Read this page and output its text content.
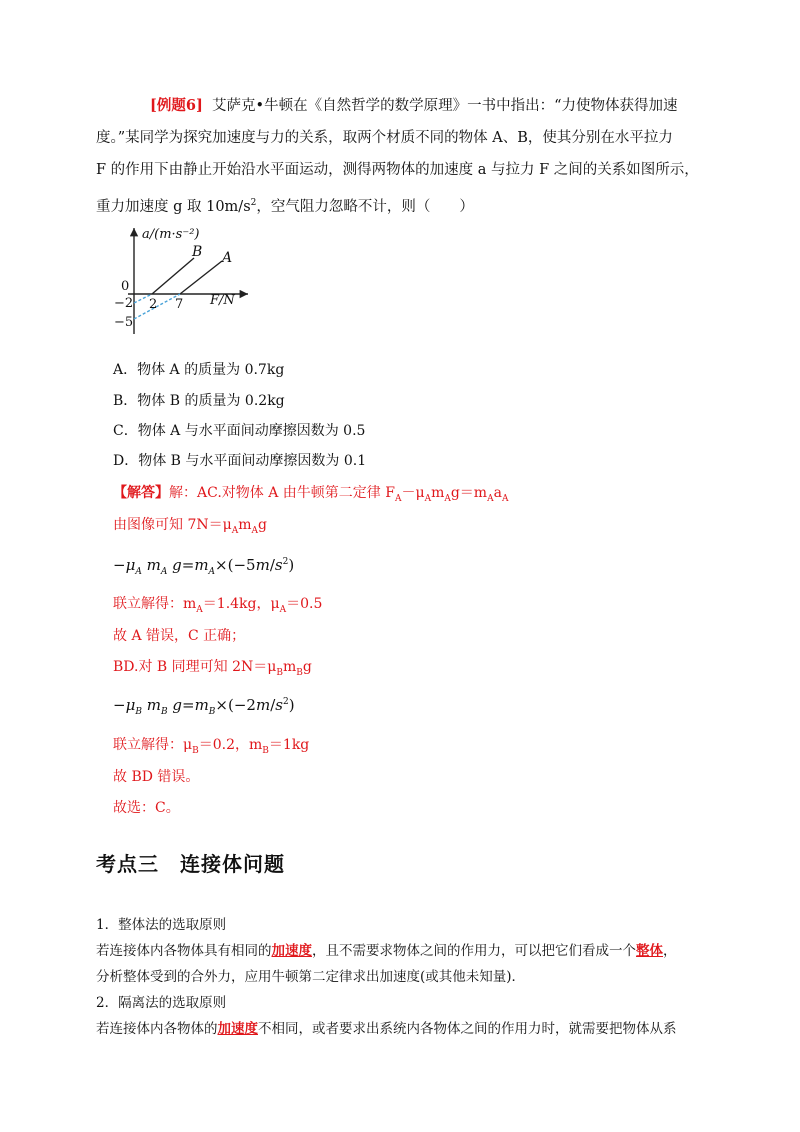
[例题6] 艾萨克•牛顿在《自然哲学的数学原理》一书中指出：“力使物体获得加速
度。”某同学为探究加速度与力的关系，取两个材质不同的物体 A、B，使其分别在水平拉力
F 的作用下由静止开始沿水平面运动，测得两物体的加速度 a 与拉力 F 之间的关系如图所示，
重力加速度 g 取 $10m/s^2$，空气阻力忽略不计，则（　　）
a/(m·s⁻²)
F/N
B A
0
−2
−5
2 7
A．物体 A 的质量为 0.7kg
B．物体 B 的质量为 0.2kg
C．物体 A 与水平面间动摩擦因数为 0.5
D．物体 B 与水平面间动摩擦因数为 0.1
【解答】解：AC.对物体 A 由牛顿第二定律 $F_A-\mu_Am_Ag=m_Aa_A$
由图像可知 $7N=\mu_Am_Ag$
$-\mu_A$ $m_A$ $g=m_A\times(-5m/s^2)$
联立解得：$m_A=1.4kg$，$\mu_A=0.5$
故 A 错误，C 正确；
BD.对 B 同理可知 $2N=\mu_Bm_Bg$
$-\mu_B$ $m_B$ $g=m_B\times(-2m/s^2)$
联立解得：$\mu_B=0.2$，$m_B=1kg$
故 BD 错误。
故选：C。
考点三　连接体问题
1．整体法的选取原则
若连接体内各物体具有相同的加速度，且不需要求物体之间的作用力，可以把它们看成一个整体，
分析整体受到的合外力，应用牛顿第二定律求出加速度(或其他未知量)．
2．隔离法的选取原则
若连接体内各物体的加速度不相同，或者要求出系统内各物体之间的作用力时，就需要把物体从系
